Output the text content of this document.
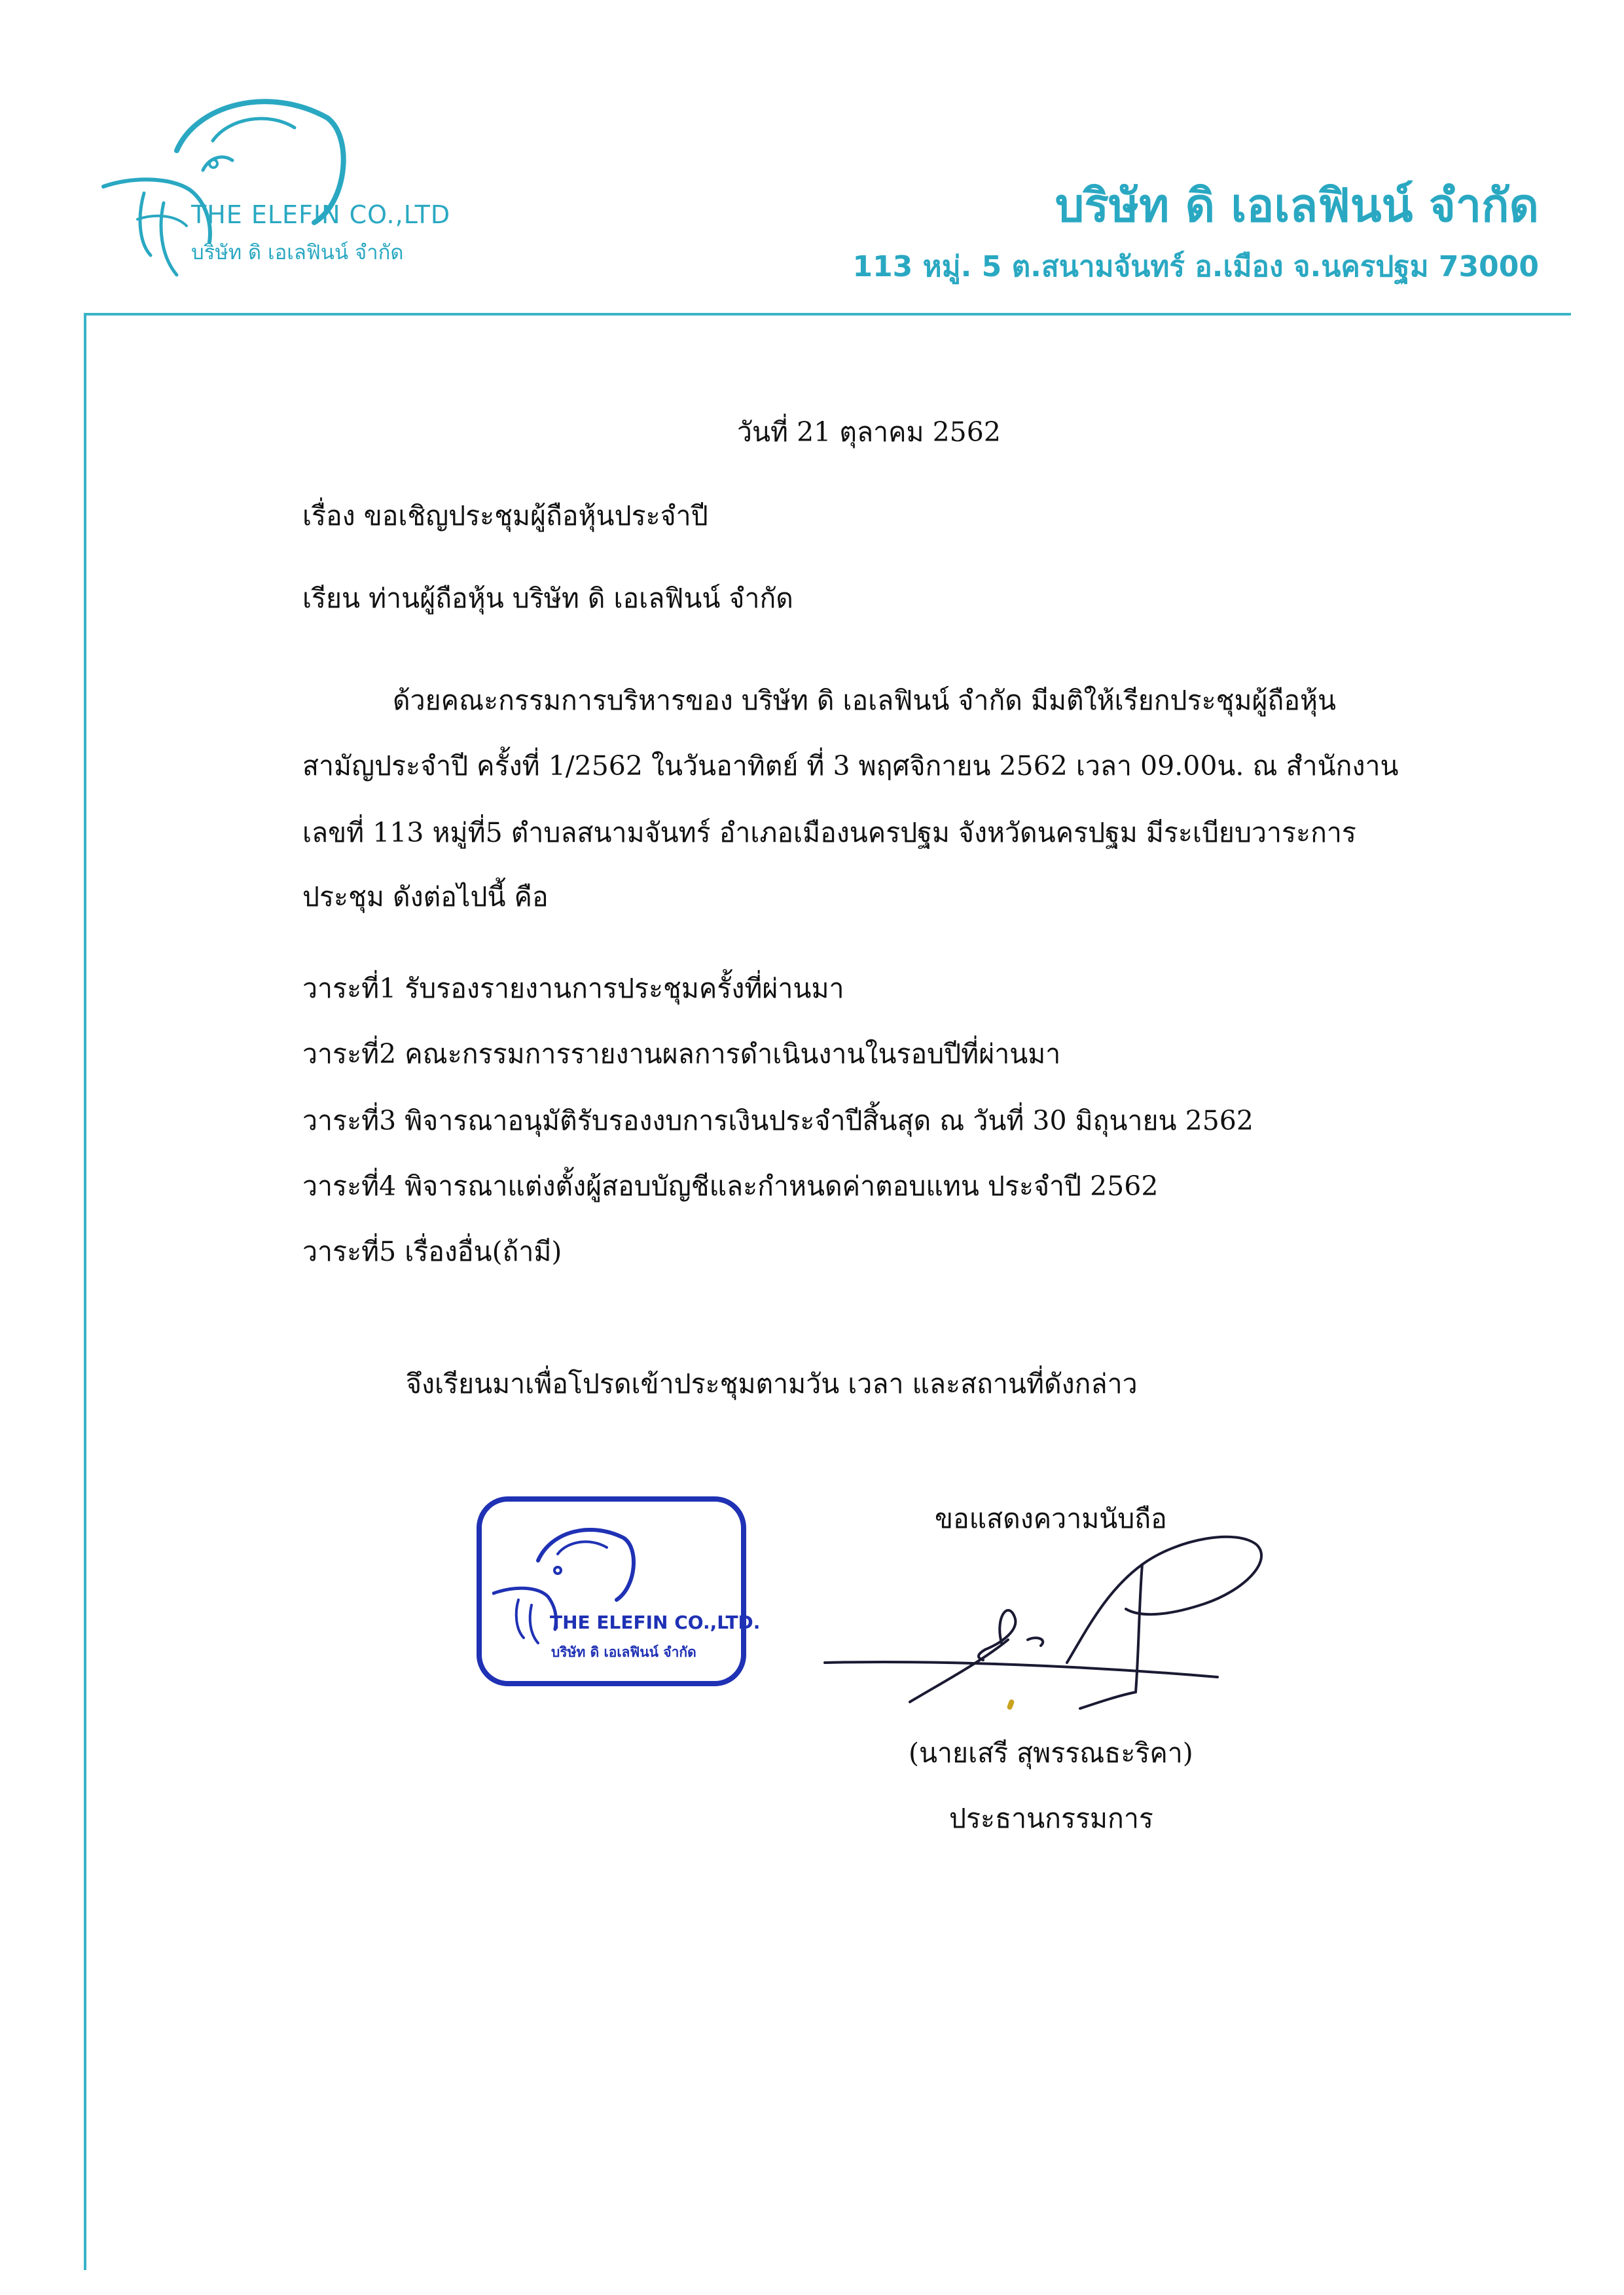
THE ELEFIN CO.,LTD
บริษัท ดิ เอเลฟินน์ จำกัด
บริษัท ดิ เอเลฟินน์ จำกัด
113 หมู่. 5 ต.สนามจันทร์ อ.เมือง จ.นครปฐม 73000
วันที่ 21 ตุลาคม 2562
เรื่อง ขอเชิญประชุมผู้ถือหุ้นประจำปี
เรียน ท่านผู้ถือหุ้น บริษัท ดิ เอเลฟินน์ จำกัด
ด้วยคณะกรรมการบริหารของ บริษัท ดิ เอเลฟินน์ จำกัด มีมติให้เรียกประชุมผู้ถือหุ้น
สามัญประจำปี ครั้งที่ 1/2562 ในวันอาทิตย์ ที่ 3 พฤศจิกายน 2562 เวลา 09.00น. ณ สำนักงาน
เลขที่ 113 หมู่ที่5 ตำบลสนามจันทร์ อำเภอเมืองนครปฐม จังหวัดนครปฐม มีระเบียบวาระการ
ประชุม ดังต่อไปนี้ คือ
วาระที่1 รับรองรายงานการประชุมครั้งที่ผ่านมา
วาระที่2 คณะกรรมการรายงานผลการดำเนินงานในรอบปีที่ผ่านมา
วาระที่3 พิจารณาอนุมัติรับรองงบการเงินประจำปีสิ้นสุด ณ วันที่ 30 มิถุนายน 2562
วาระที่4 พิจารณาแต่งตั้งผู้สอบบัญชีและกำหนดค่าตอบแทน ประจำปี 2562
วาระที่5 เรื่องอื่น(ถ้ามี)
จึงเรียนมาเพื่อโปรดเข้าประชุมตามวัน เวลา และสถานที่ดังกล่าว
ขอแสดงความนับถือ
(นายเสรี สุพรรณธะริคา)
ประธานกรรมการ
THE ELEFIN CO.,LTD.
บริษัท ดิ เอเลฟินน์ จำกัด
